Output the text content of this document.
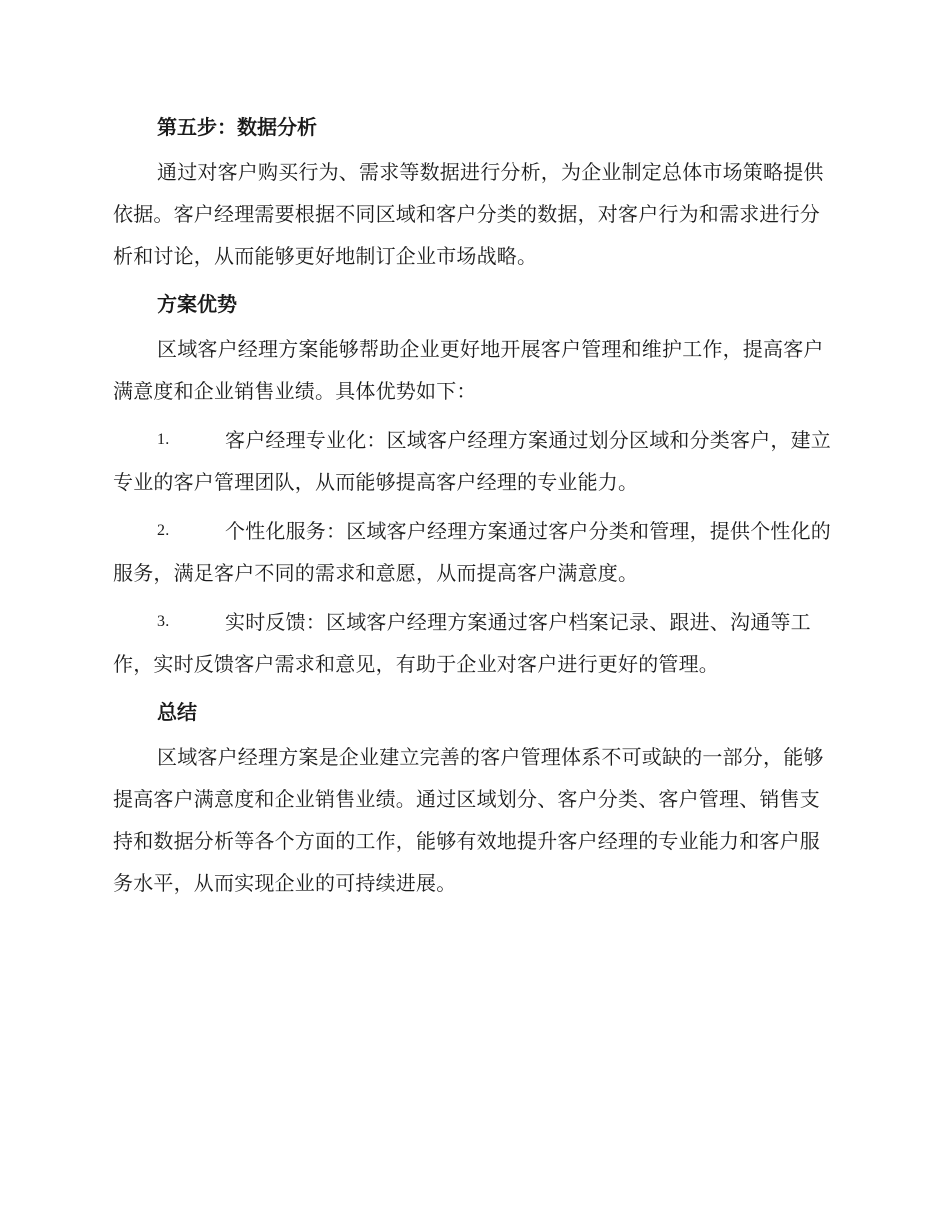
第五步：数据分析

通过对客户购买行为、需求等数据进行分析，为企业制定总体市场策略提供依据。客户经理需要根据不同区域和客户分类的数据，对客户行为和需求进行分析和讨论，从而能够更好地制订企业市场战略。

方案优势

区域客户经理方案能够帮助企业更好地开展客户管理和维护工作，提高客户满意度和企业销售业绩。具体优势如下：

1.	客户经理专业化：区域客户经理方案通过划分区域和分类客户，建立专业的客户管理团队，从而能够提高客户经理的专业能力。

2.	个性化服务：区域客户经理方案通过客户分类和管理，提供个性化的服务，满足客户不同的需求和意愿，从而提高客户满意度。

3.	实时反馈：区域客户经理方案通过客户档案记录、跟进、沟通等工作，实时反馈客户需求和意见，有助于企业对客户进行更好的管理。

总结

区域客户经理方案是企业建立完善的客户管理体系不可或缺的一部分，能够提高客户满意度和企业销售业绩。通过区域划分、客户分类、客户管理、销售支持和数据分析等各个方面的工作，能够有效地提升客户经理的专业能力和客户服务水平，从而实现企业的可持续进展。
